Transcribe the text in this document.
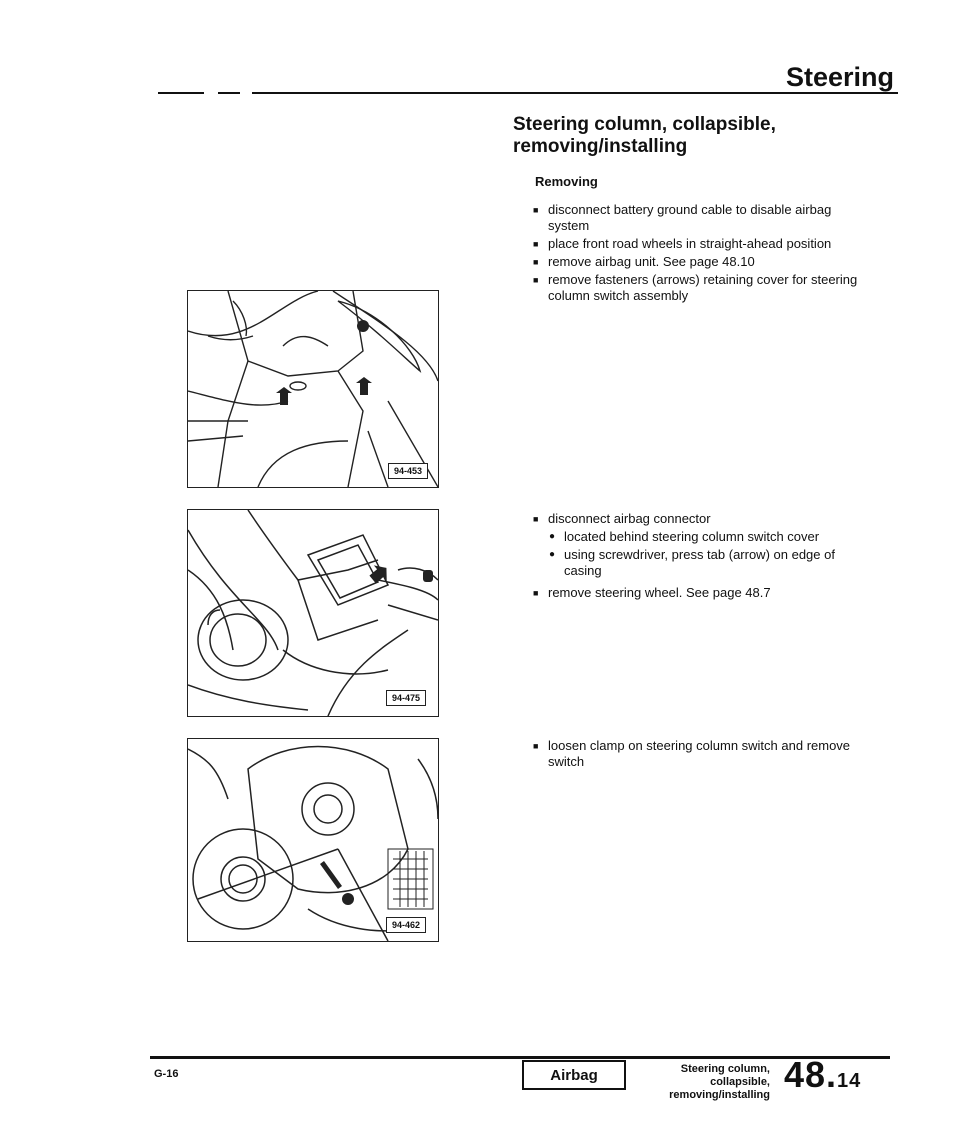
Steering
Steering column, collapsible,
removing/installing
Removing
■ disconnect battery ground cable to disable airbag system
■ place front road wheels in straight-ahead position
■ remove airbag unit. See page 48.10
■ remove fasteners (arrows) retaining cover for steering column switch assembly
■ disconnect airbag connector
● located behind steering column switch cover
● using screwdriver, press tab (arrow) on edge of casing
■ remove steering wheel. See page 48.7
■ loosen clamp on steering column switch and remove switch
94-453
94-475
94-462
G-16	Airbag	Steering column, collapsible,
removing/installing 48.14
